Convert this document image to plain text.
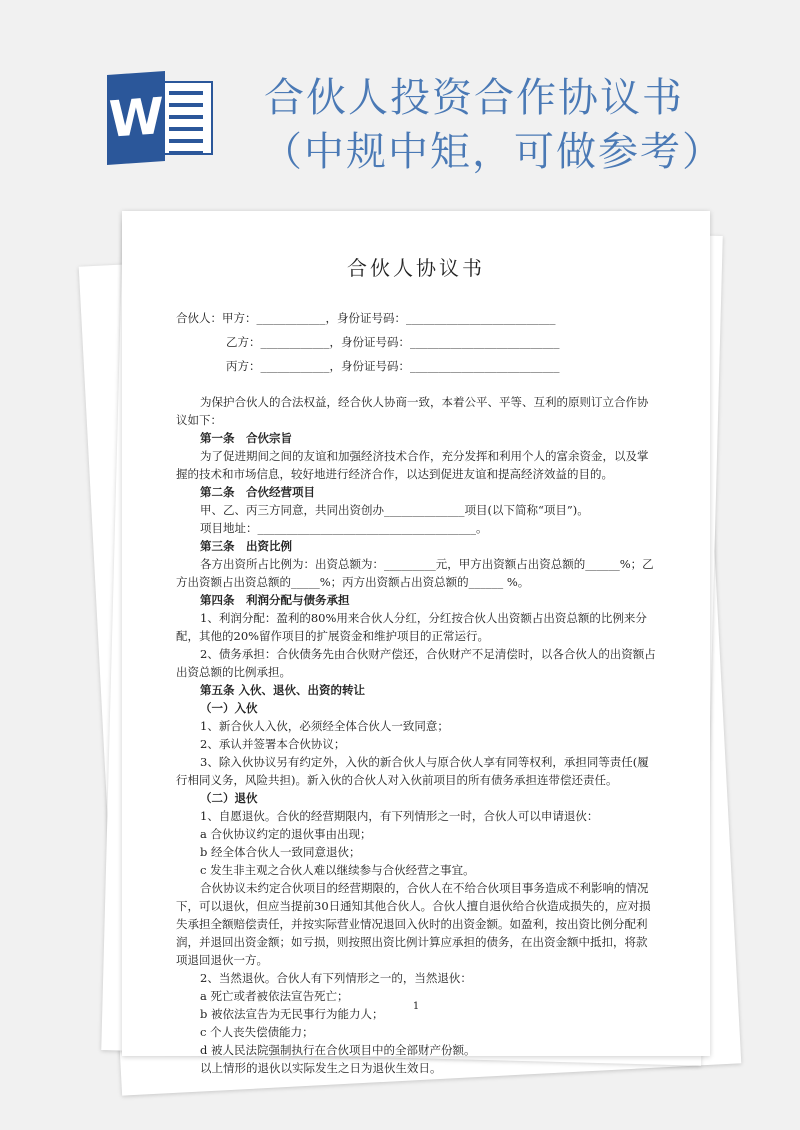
W	合伙人投资合作协议书
（中规中矩，可做参考）
合伙人协议书
合伙人：甲方：____________，身份证号码：__________________________
乙方：____________，身份证号码：__________________________
丙方：____________，身份证号码：__________________________

为保护合伙人的合法权益，经合伙人协商一致，本着公平、平等、互利的原则订立合作协议如下：

第一条　合伙宗旨

为了促进期间之间的友谊和加强经济技术合作，充分发挥和利用个人的富余资金，以及掌握的技术和市场信息，较好地进行经济合作，以达到促进友谊和提高经济效益的目的。

第二条　合伙经营项目

甲、乙、丙三方同意，共同出资创办______________项目(以下简称“项目”)。

项目地址：______________________________________。

第三条　出资比例

各方出资所占比例为：出资总额为：_________元，甲方出资额占出资总额的______%；乙方出资额占出资总额的_____%；丙方出资额占出资总额的______ %。

第四条　利润分配与债务承担

1、利润分配：盈利的80%用来合伙人分红，分红按合伙人出资额占出资总额的比例来分配，其他的20%留作项目的扩展资金和维护项目的正常运行。

2、债务承担：合伙债务先由合伙财产偿还，合伙财产不足清偿时，以各合伙人的出资额占出资总额的比例承担。

第五条 入伙、退伙、出资的转让

（一）入伙

1、新合伙人入伙，必须经全体合伙人一致同意；

2、承认并签署本合伙协议；

3、除入伙协议另有约定外，入伙的新合伙人与原合伙人享有同等权利，承担同等责任(履行相同义务，风险共担)。新入伙的合伙人对入伙前项目的所有债务承担连带偿还责任。

（二）退伙

1、自愿退伙。合伙的经营期限内，有下列情形之一时，合伙人可以申请退伙：

a 合伙协议约定的退伙事由出现；

b 经全体合伙人一致同意退伙；

c 发生非主观之合伙人难以继续参与合伙经营之事宜。

合伙协议未约定合伙项目的经营期限的，合伙人在不给合伙项目事务造成不利影响的情况下，可以退伙，但应当提前30日通知其他合伙人。合伙人擅自退伙给合伙造成损失的，应对损失承担全额赔偿责任，并按实际营业情况退回入伙时的出资金额。如盈利，按出资比例分配利润，并退回出资金额；如亏损，则按照出资比例计算应承担的债务，在出资金额中抵扣，将款项退回退伙一方。

2、当然退伙。合伙人有下列情形之一的，当然退伙：

a 死亡或者被依法宣告死亡；

b 被依法宣告为无民事行为能力人；

c 个人丧失偿债能力；

d 被人民法院强制执行在合伙项目中的全部财产份额。

以上情形的退伙以实际发生之日为退伙生效日。

1
